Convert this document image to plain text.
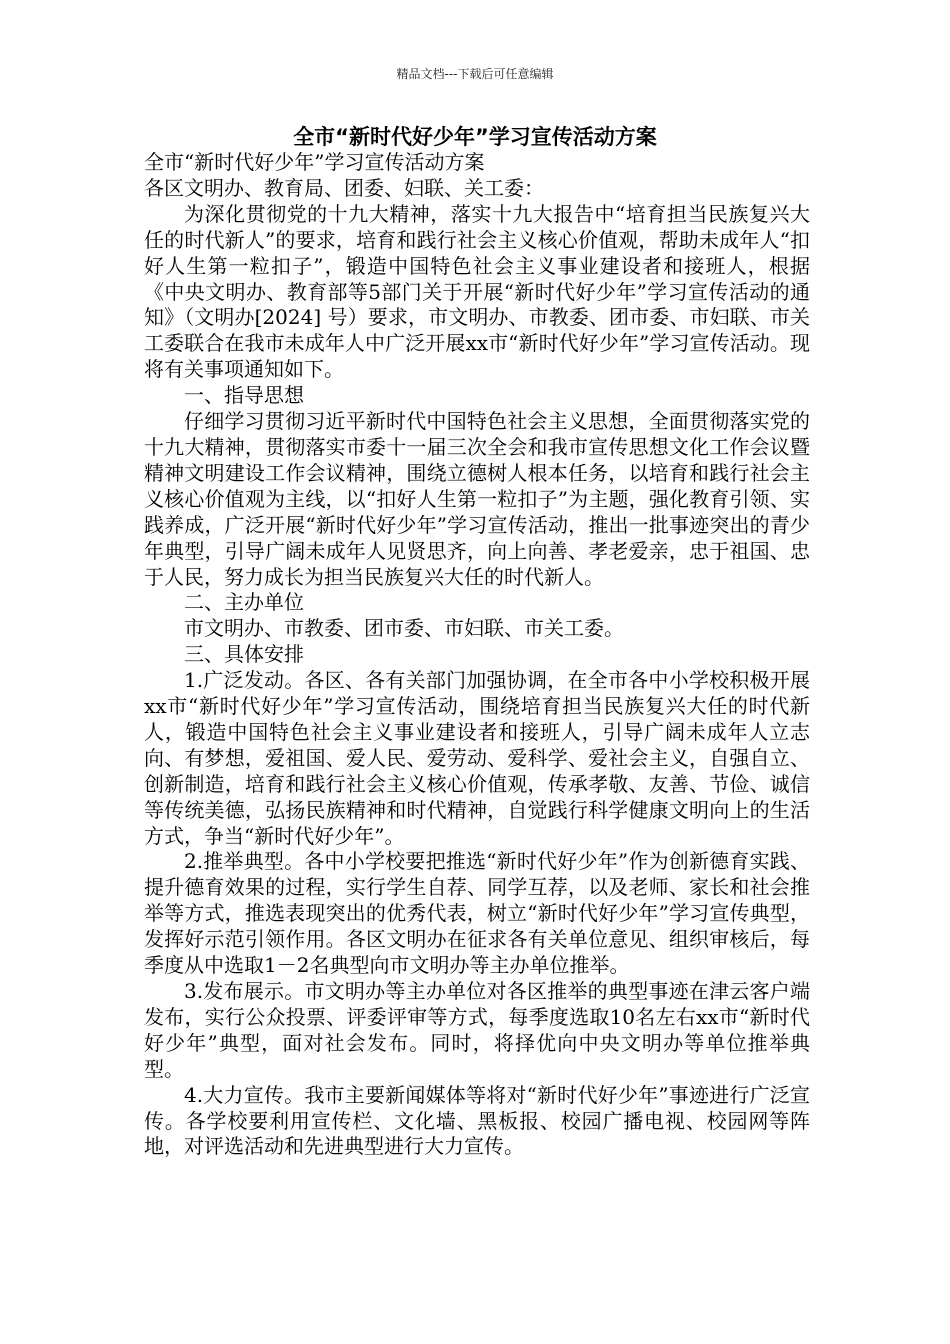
精品文档---下载后可任意编辑
全市“新时代好少年”学习宣传活动方案

全市“新时代好少年”学习宣传活动方案

各区文明办、教育局、团委、妇联、关工委：

为深化贯彻党的十九大精神，落实十九大报告中“培育担当民族复兴大任的时代新人”的要求，培育和践行社会主义核心价值观，帮助未成年人“扣好人生第一粒扣子”，锻造中国特色社会主义事业建设者和接班人，根据《中央文明办、教育部等5部门关于开展“新时代好少年”学习宣传活动的通知》（文明办[2024] 号）要求，市文明办、市教委、团市委、市妇联、市关工委联合在我市未成年人中广泛开展xx市“新时代好少年”学习宣传活动。现将有关事项通知如下。

一、指导思想

仔细学习贯彻习近平新时代中国特色社会主义思想，全面贯彻落实党的十九大精神，贯彻落实市委十一届三次全会和我市宣传思想文化工作会议暨精神文明建设工作会议精神，围绕立德树人根本任务，以培育和践行社会主义核心价值观为主线，以“扣好人生第一粒扣子”为主题，强化教育引领、实践养成，广泛开展“新时代好少年”学习宣传活动，推出一批事迹突出的青少年典型，引导广阔未成年人见贤思齐，向上向善、孝老爱亲，忠于祖国、忠于人民，努力成长为担当民族复兴大任的时代新人。

二、主办单位

市文明办、市教委、团市委、市妇联、市关工委。

三、具体安排

1.广泛发动。各区、各有关部门加强协调，在全市各中小学校积极开展xx市“新时代好少年”学习宣传活动，围绕培育担当民族复兴大任的时代新人，锻造中国特色社会主义事业建设者和接班人，引导广阔未成年人立志向、有梦想，爱祖国、爱人民、爱劳动、爱科学、爱社会主义，自强自立、创新制造，培育和践行社会主义核心价值观，传承孝敬、友善、节俭、诚信等传统美德，弘扬民族精神和时代精神，自觉践行科学健康文明向上的生活方式，争当“新时代好少年”。

2.推举典型。各中小学校要把推选“新时代好少年”作为创新德育实践、提升德育效果的过程，实行学生自荐、同学互荐，以及老师、家长和社会推举等方式，推选表现突出的优秀代表，树立“新时代好少年”学习宣传典型，发挥好示范引领作用。各区文明办在征求各有关单位意见、组织审核后，每季度从中选取1－2名典型向市文明办等主办单位推举。

3.发布展示。市文明办等主办单位对各区推举的典型事迹在津云客户端发布，实行公众投票、评委评审等方式，每季度选取10名左右xx市“新时代好少年”典型，面对社会发布。同时，将择优向中央文明办等单位推举典型。

4.大力宣传。我市主要新闻媒体等将对“新时代好少年”事迹进行广泛宣传。各学校要利用宣传栏、文化墙、黑板报、校园广播电视、校园网等阵地，对评选活动和先进典型进行大力宣传。
